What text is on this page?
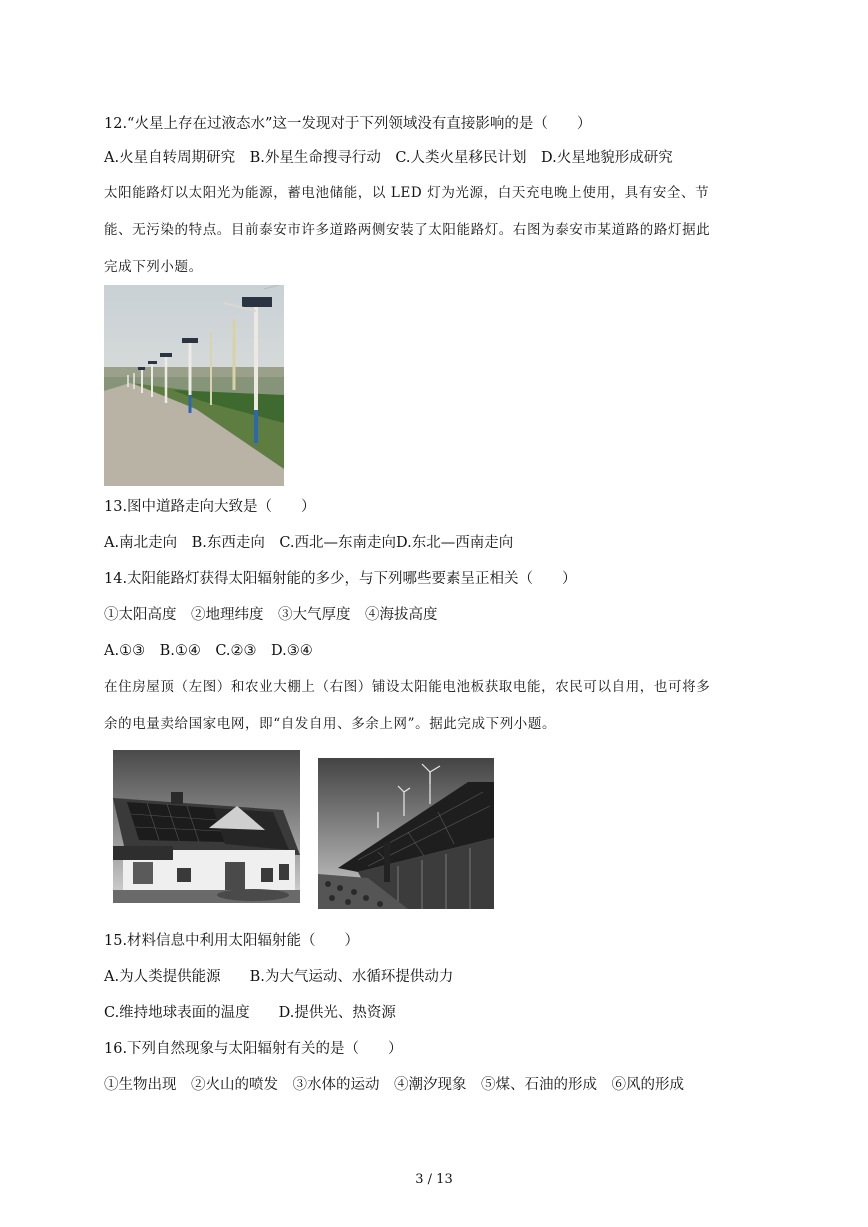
12.“火星上存在过液态水”这一发现对于下列领域没有直接影响的是（　　）
A.火星自转周期研究　B.外星生命搜寻行动　C.人类火星移民计划　D.火星地貌形成研究
太阳能路灯以太阳光为能源，蓄电池储能，以 LED 灯为光源，白天充电晚上使用，具有安全、节
能、无污染的特点。目前泰安市许多道路两侧安装了太阳能路灯。右图为泰安市某道路的路灯据此
完成下列小题。
13.图中道路走向大致是（　　）
A.南北走向　B.东西走向　C.西北—东南走向D.东北—西南走向
14.太阳能路灯获得太阳辐射能的多少，与下列哪些要素呈正相关（　　）
①太阳高度　②地理纬度　③大气厚度　④海拔高度
A.①③　B.①④　C.②③　D.③④
在住房屋顶（左图）和农业大棚上（右图）铺设太阳能电池板获取电能，农民可以自用，也可将多
余的电量卖给国家电网，即“自发自用、多余上网”。据此完成下列小题。
15.材料信息中利用太阳辐射能（　　）
A.为人类提供能源　　B.为大气运动、水循环提供动力
C.维持地球表面的温度　　D.提供光、热资源
16.下列自然现象与太阳辐射有关的是（　　）
①生物出现　②火山的喷发　③水体的运动　④潮汐现象　⑤煤、石油的形成　⑥风的形成
3 / 13
